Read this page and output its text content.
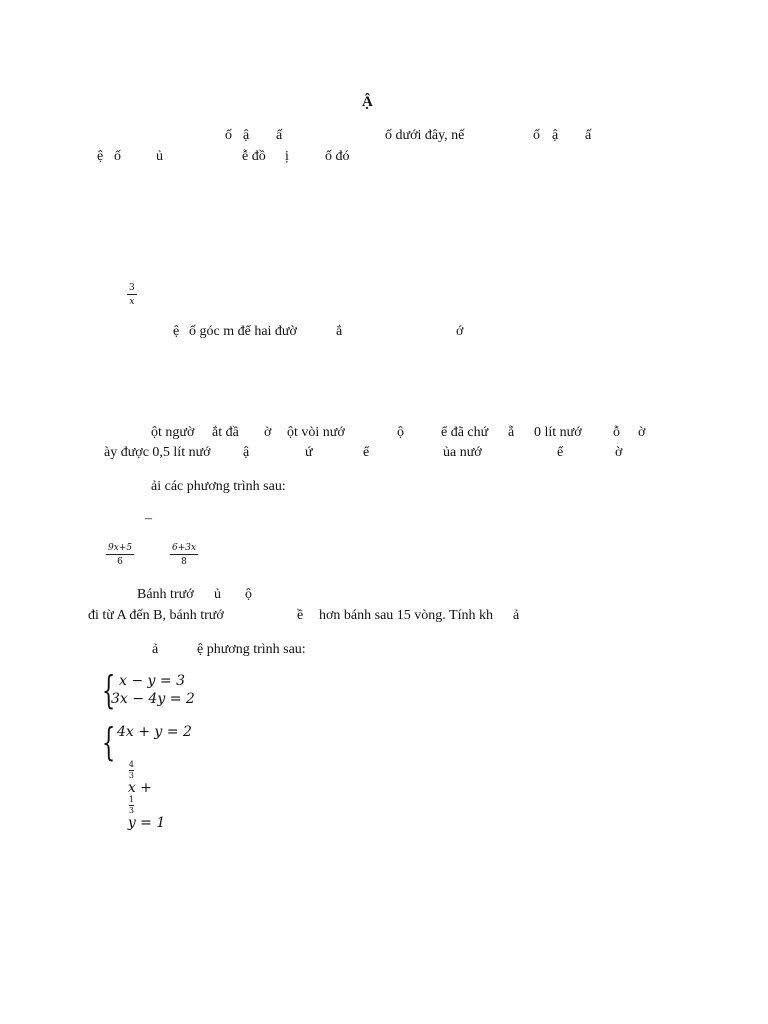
Ậ
ố ậ ấ	ố dưới đây, nế	ố ậ ấ
ệ ố	ủ	ễ đồ ị	ố đó
3
x
ệ ố góc m để hai đườ	ắ	ớ
ột ngườ ắt đầ ờ ột vòi nướ	ộ	ể đã chứ ẵ 0 lít nướ ỗ ờ
ày được 0,5 lít nướ ậ	ứ	ể	ủa nướ	ể	ờ
ải các phương trình sau:
–
9x+5
6
6+3x
8
Bánh trướ ủ ộ
đi từ A đến B, bánh trướ	ề hơn bánh sau 15 vòng. Tính kh ả
ả	ệ phương trình sau:
{ x − y = 3
3x − 4y = 2
{ 4x + y = 2

$\frac{4}{3}$

x +

$\frac{1}{3}$

y = 1
